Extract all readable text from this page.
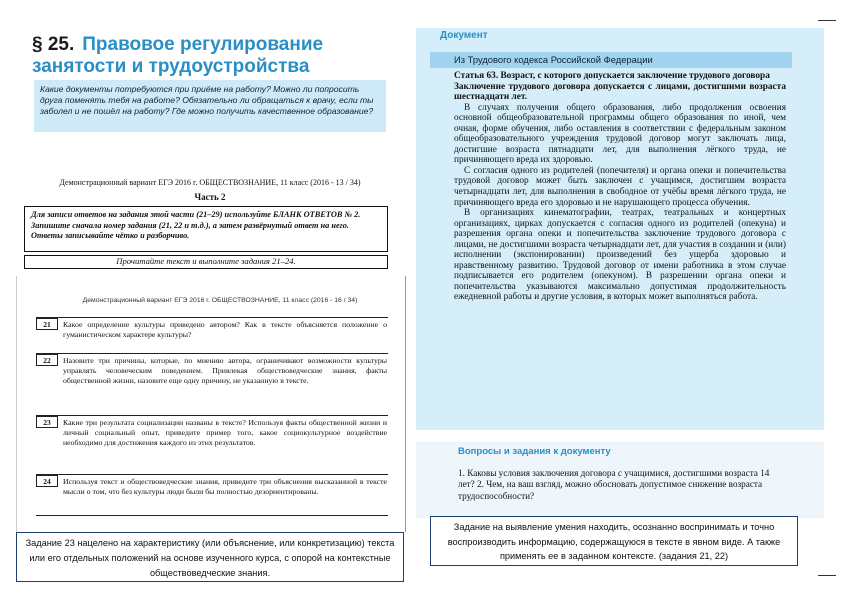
§ 25. Правовое регулирование занятости и трудоустройства
Какие документы потребуются при приёме на работу? Можно ли попросить друга поменять тебя на работе? Обязательно ли обращаться к врачу, если ты заболел и не пошёл на работу? Где можно получить качественное образование?
Демонстрационный вариант ЕГЭ 2016 г. ОБЩЕСТВОЗНАНИЕ, 11 класс (2016 - 13 / 34)
Часть 2
Для записи ответов на задания этой части (21–29) используйте БЛАНК ОТВЕТОВ № 2. Запишите сначала номер задания (21, 22 и т.д.), а затем развёрнутый ответ на него. Ответы записывайте чётко и разборчиво.
Прочитайте текст и выполните задания 21–24.
Демонстрационный вариант ЕГЭ 2016 г. ОБЩЕСТВОЗНАНИЕ, 11 класс (2016 - 16 / 34)
21	Какое определение культуры приведено автором? Как в тексте объясняется положение о гуманистическом характере культуры?
22	Назовите три причины, которые, по мнению автора, ограничивают возможности культуры управлять человеческим поведением. Привлекая обществоведческие знания, факты общественной жизни, назовите еще одну причину, не указанную в тексте.
23	Какие три результата социализации названы в тексте? Используя факты общественной жизни и личный социальный опыт, приведите пример того, какое социокультурное воздействие необходимо для достижения каждого из этих результатов.
24	Используя текст и обществоведческие знания, приведите три объяснения высказанной в тексте мысли о том, что без культуры люди были бы полностью дезориентированы.
Задание 23 нацелено на характеристику (или объяснение, или конкретизацию) текста или его отдельных положений на основе изученного курса, с опорой на контекстные обществоведческие знания.
Документ
Из Трудового кодекса Российской Федерации

Статья 63. Возраст, с которого допускается заключение трудового договора

Заключение трудового договора допускается с лицами, достигшими возраста шестнадцати лет.

В случаях получения общего образования, либо продолжения освоения основной общеобразовательной программы общего образования по иной, чем очная, форме обучения, либо оставления в соответствии с федеральным законом общеобразовательного учреждения трудовой договор могут заключать лица, достигшие возраста пятнадцати лет, для выполнения лёгкого труда, не причиняющего вреда их здоровью.

С согласия одного из родителей (попечителя) и органа опеки и попечительства трудовой договор может быть заключен с учащимся, достигшим возраста четырнадцати лет, для выполнения в свободное от учёбы время лёгкого труда, не причиняющего вреда его здоровью и не нарушающего процесса обучения.

В организациях кинематографии, театрах, театральных и концертных организациях, цирках допускается с согласия одного из родителей (опекуна) и разрешения органа опеки и попечительства заключение трудового договора с лицами, не достигшими возраста четырнадцати лет, для участия в создании и (или) исполнении (экспонировании) произведений без ущерба здоровью и нравственному развитию. Трудовой договор от имени работника в этом случае подписывается его родителем (опекуном). В разрешении органа опеки и попечительства указываются максимально допустимая продолжительность ежедневной работы и другие условия, в которых может выполняться работа.

Вопросы и задания к документу
1. Каковы условия заключения договора с учащимися, достигшими возраста 14 лет? 2. Чем, на ваш взгляд, можно обосновать допустимое снижение возраста трудоспособности?
Задание на выявление умения находить, осознанно воспринимать и точно воспроизводить информацию, содержащуюся в тексте в явном виде. А также применять ее в заданном контексте. (задания 21, 22)
